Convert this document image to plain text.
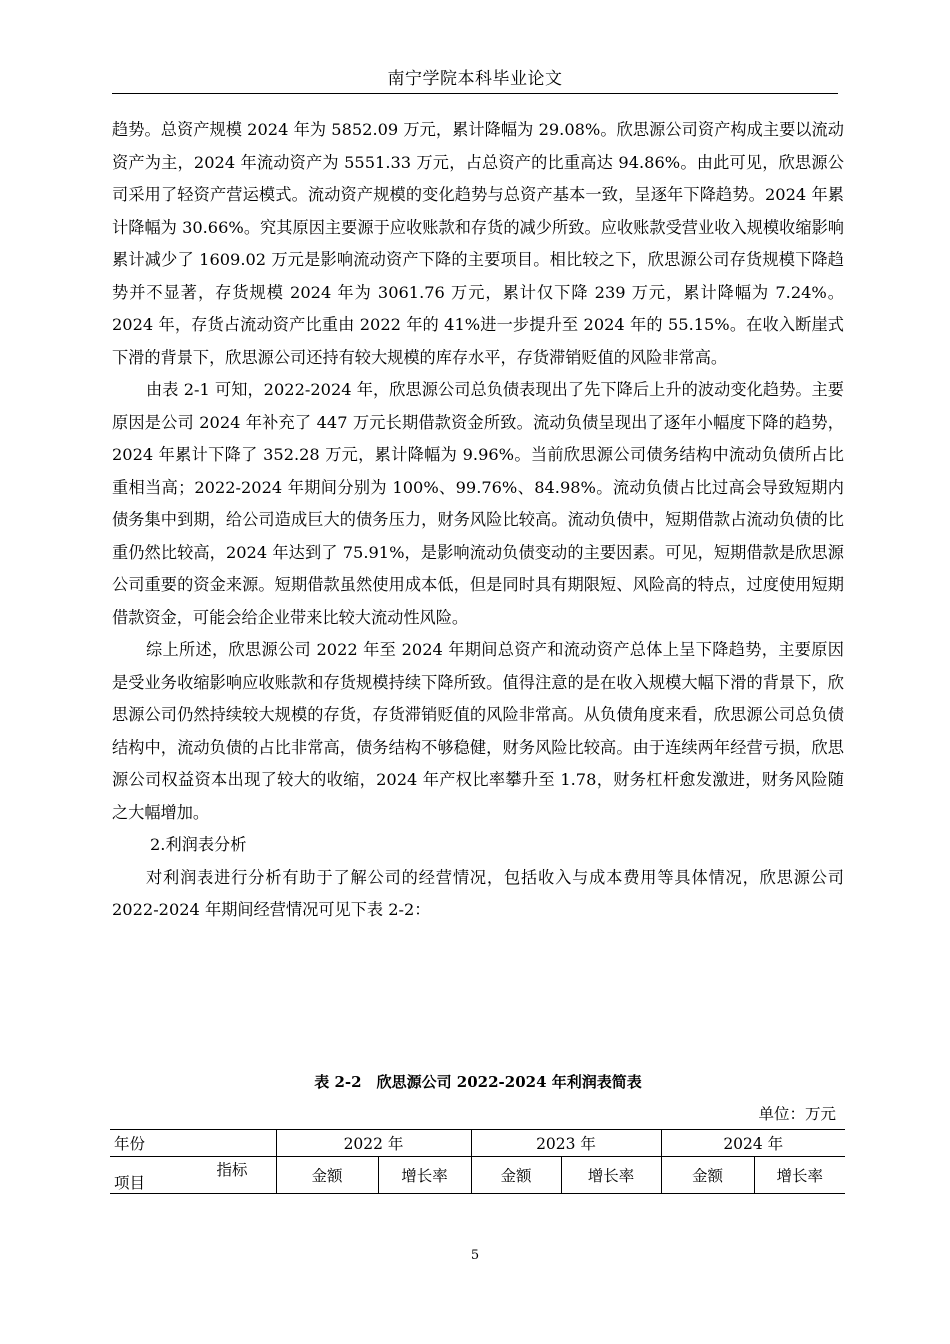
南宁学院本科毕业论文

趋势。总资产规模 2024 年为 5852.09 万元，累计降幅为 29.08%。欣思源公司资产构成主要以流动资产为主，2024 年流动资产为 5551.33 万元，占总资产的比重高达 94.86%。由此可见，欣思源公司采用了轻资产营运模式。流动资产规模的变化趋势与总资产基本一致，呈逐年下降趋势。2024 年累计降幅为 30.66%。究其原因主要源于应收账款和存货的减少所致。应收账款受营业收入规模收缩影响累计减少了 1609.02 万元是影响流动资产下降的主要项目。相比较之下，欣思源公司存货规模下降趋势并不显著，存货规模 2024 年为 3061.76 万元，累计仅下降 239 万元，累计降幅为 7.24%。2024 年，存货占流动资产比重由 2022 年的 41%进一步提升至 2024 年的 55.15%。在收入断崖式下滑的背景下，欣思源公司还持有较大规模的库存水平，存货滞销贬值的风险非常高。

由表 2-1 可知，2022-2024 年，欣思源公司总负债表现出了先下降后上升的波动变化趋势。主要原因是公司 2024 年补充了 447 万元长期借款资金所致。流动负债呈现出了逐年小幅度下降的趋势，2024 年累计下降了 352.28 万元，累计降幅为 9.96%。当前欣思源公司债务结构中流动负债所占比重相当高；2022-2024 年期间分别为 100%、99.76%、84.98%。流动负债占比过高会导致短期内债务集中到期，给公司造成巨大的债务压力，财务风险比较高。流动负债中，短期借款占流动负债的比重仍然比较高，2024 年达到了 75.91%，是影响流动负债变动的主要因素。可见，短期借款是欣思源公司重要的资金来源。短期借款虽然使用成本低，但是同时具有期限短、风险高的特点，过度使用短期借款资金，可能会给企业带来比较大流动性风险。

综上所述，欣思源公司 2022 年至 2024 年期间总资产和流动资产总体上呈下降趋势，主要原因是受业务收缩影响应收账款和存货规模持续下降所致。值得注意的是在收入规模大幅下滑的背景下，欣思源公司仍然持续较大规模的存货，存货滞销贬值的风险非常高。从负债角度来看，欣思源公司总负债结构中，流动负债的占比非常高，债务结构不够稳健，财务风险比较高。由于连续两年经营亏损，欣思源公司权益资本出现了较大的收缩，2024 年产权比率攀升至 1.78，财务杠杆愈发激进，财务风险随之大幅增加。

2.利润表分析

对利润表进行分析有助于了解公司的经营情况，包括收入与成本费用等具体情况，欣思源公司 2022-2024 年期间经营情况可见下表 2-2：

表 2-2　欣思源公司 2022-2024 年利润表简表
单位：万元
年份	2022 年		2023 年		2024 年	

指标
项目	金额	增长率	金额	增长率	金额	增长率
5
